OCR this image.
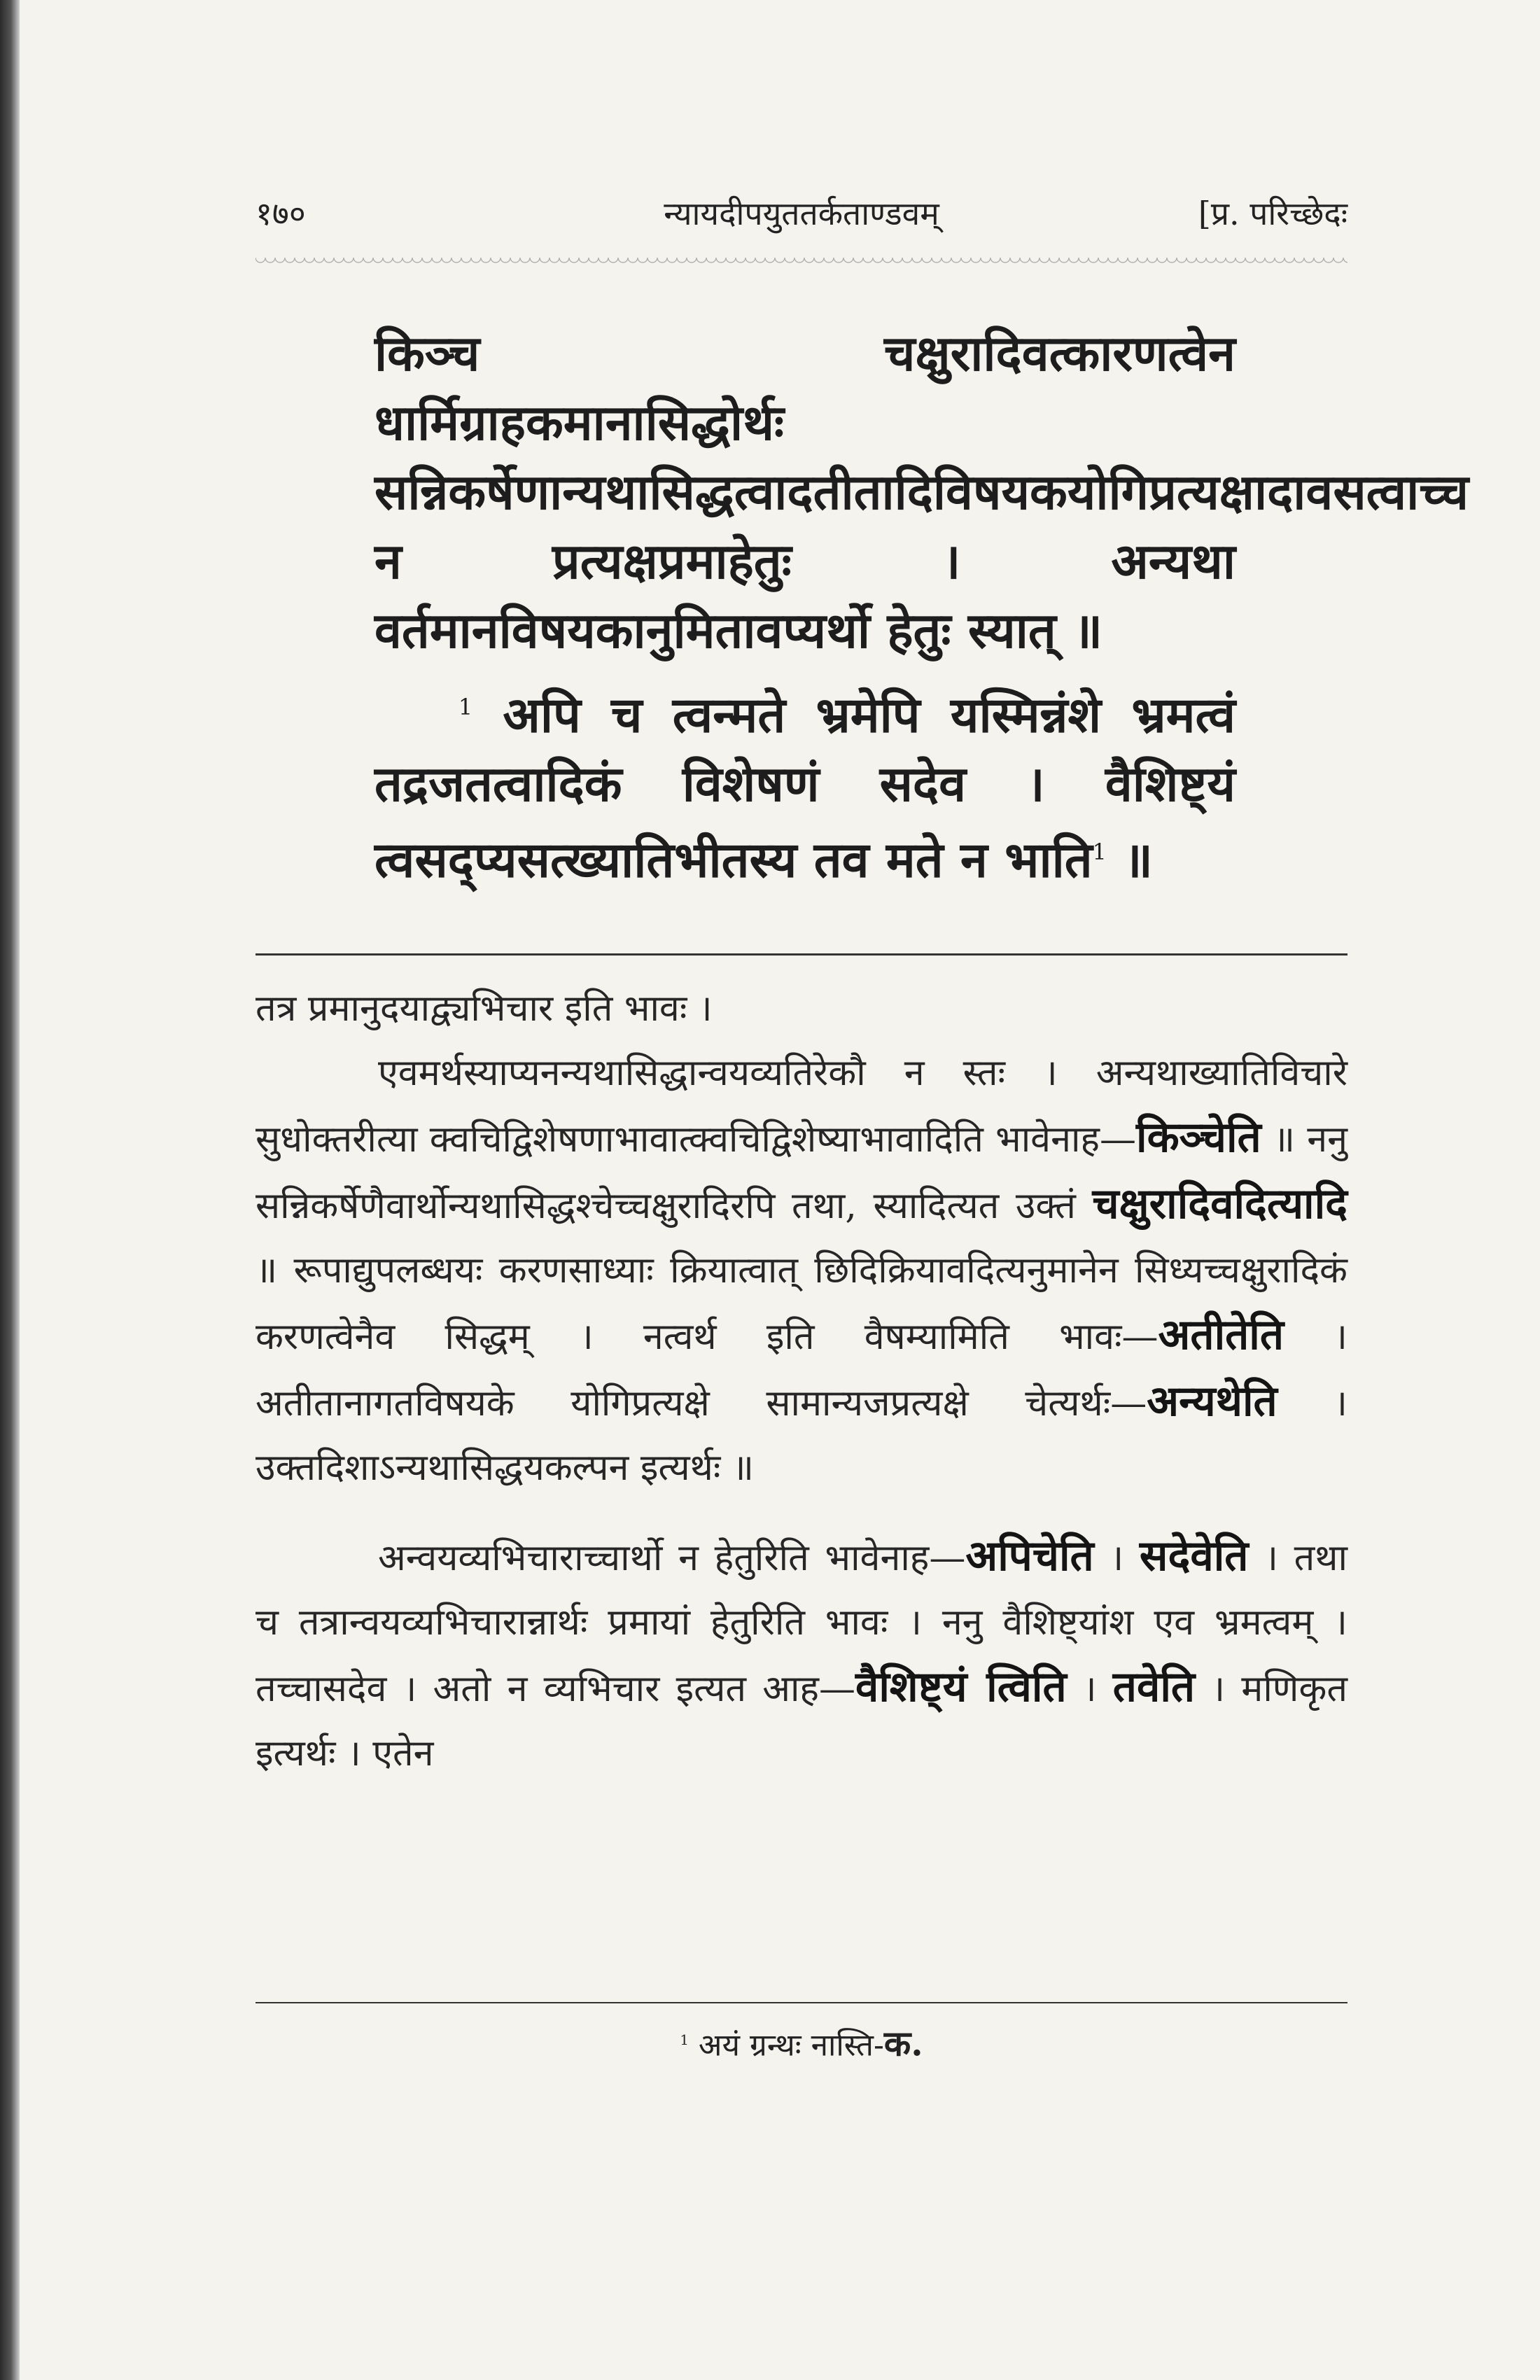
१७०	न्यायदीपयुततर्कताण्डवम्	[प्र. परिच्छेदः

किञ्च चक्षुरादिवत्कारणत्वेन धार्मिग्राहकमानासिद्धोर्थः सन्निकर्षेणान्यथासिद्धत्वादतीतादिविषयकयोगिप्रत्यक्षादावसत्वाच्च न प्रत्यक्षप्रमाहेतुः । अन्यथा वर्तमानविषयकानुमितावप्यर्थो हेतुः स्यात् ॥

$^1$ अपि च त्वन्मते भ्रमेपि यस्मिन्नंशे भ्रमत्वं तद्रजतत्वादिकं विशेषणं सदेव । वैशिष्ट्यं त्वसद्प्यसत्ख्यातिभीतस्य तव मते न भाति$^1$ ॥

तत्र प्रमानुदयाद्व्यभिचार इति भावः ।

एवमर्थस्याप्यनन्यथासिद्धान्वयव्यतिरेकौ न स्तः । अन्यथाख्यातिविचारे सुधोक्तरीत्या क्वचिद्विशेषणाभावात्क्वचिद्विशेष्याभावादिति भावेनाह—किञ्चेति ॥ ननु सन्निकर्षेणैवार्थोन्यथासिद्धश्चेच्चक्षुरादिरपि तथा, स्यादित्यत उक्तं चक्षुरादिवदित्यादि ॥ रूपाद्युपलब्धयः करणसाध्याः क्रियात्वात् छिदिक्रियावदित्यनुमानेन सिध्यच्चक्षुरादिकं करणत्वेनैव सिद्धम् । नत्वर्थ इति वैषम्यामिति भावः—अतीतेति । अतीतानागतविषयके योगिप्रत्यक्षे सामान्यजप्रत्यक्षे चेत्यर्थः—अन्यथेति । उक्तदिशाऽन्यथासिद्धयकल्पन इत्यर्थः ॥

अन्वयव्यभिचाराच्चार्थो न हेतुरिति भावेनाह—अपिचेति । सदेवेति । तथा च तत्रान्वयव्यभिचारान्नार्थः प्रमायां हेतुरिति भावः । ननु वैशिष्ट्यांश एव भ्रमत्वम् । तच्चासदेव । अतो न व्यभिचार इत्यत आह—वैशिष्ट्यं त्विति । तवेति । मणिकृत इत्यर्थः । एतेन

$^1$ अयं ग्रन्थः नास्ति-क.
